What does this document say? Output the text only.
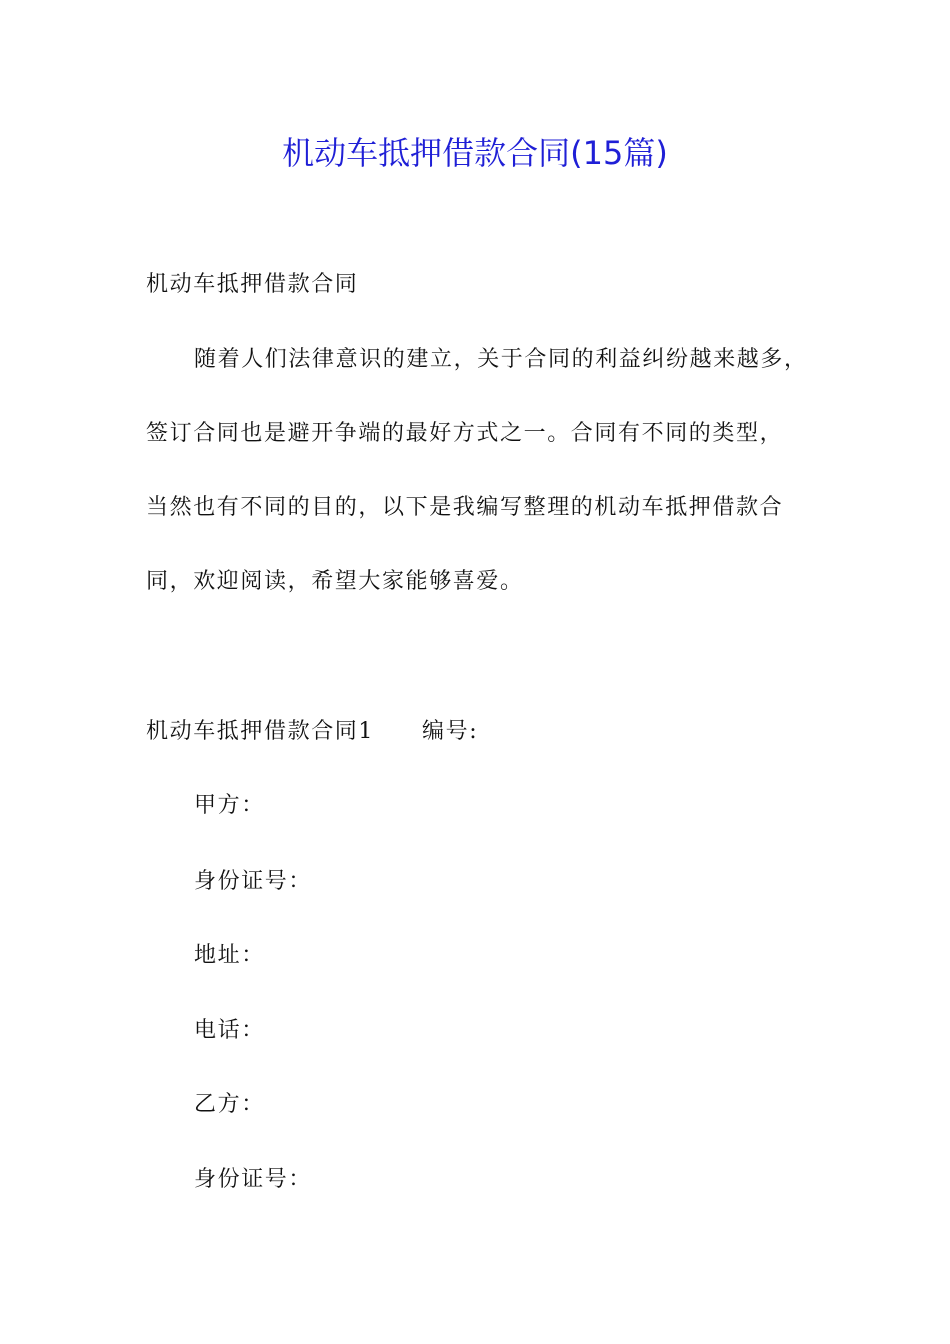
机动车抵押借款合同(15篇)
机动车抵押借款合同
随着人们法律意识的建立，关于合同的利益纠纷越来越多，
签订合同也是避开争端的最好方式之一。合同有不同的类型，
当然也有不同的目的，以下是我编写整理的机动车抵押借款合
同，欢迎阅读，希望大家能够喜爱。
机动车抵押借款合同1 编号:
甲方：
身份证号：
地址：
电话：
乙方：
身份证号：
